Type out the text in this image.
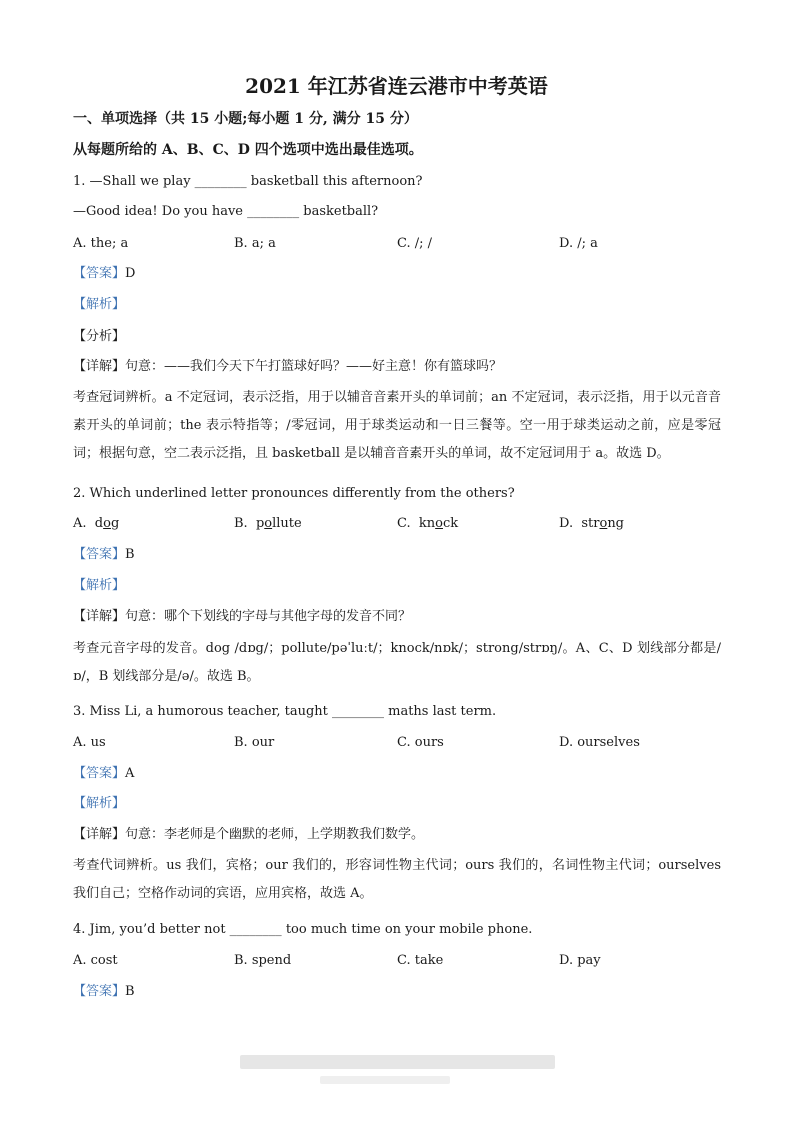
2021 年江苏省连云港市中考英语
一、单项选择（共 15 小题;每小题 1 分, 满分 15 分）
从每题所给的 A、B、C、D 四个选项中选出最佳选项。
1. —Shall we play ________ basketball this afternoon?
—Good idea! Do you have ________ basketball?
A. the; a	B. a; a	C. /; /	D. /; a
【答案】D
【解析】
【分析】
【详解】句意：——我们今天下午打篮球好吗？——好主意！你有篮球吗？
考查冠词辨析。a 不定冠词，表示泛指，用于以辅音音素开头的单词前；an 不定冠词，表示泛指，用于以元音音素开头的单词前；the 表示特指等；/零冠词，用于球类运动和一日三餐等。空一用于球类运动之前，应是零冠词；根据句意，空二表示泛指，且 basketball 是以辅音音素开头的单词，故不定冠词用于 a。故选 D。
2. Which underlined letter pronounces differently from the others?
A. dog	B. pollute	C. knock	D. strong
【答案】B
【解析】
【详解】句意：哪个下划线的字母与其他字母的发音不同？
考查元音字母的发音。dog /dɒg/；pollute/pəˈluːt/；knock/nɒk/；strong/strɒŋ/。A、C、D 划线部分都是/ɒ/，B 划线部分是/ə/。故选 B。
3. Miss Li, a humorous teacher, taught ________ maths last term.
A. us	B. our	C. ours	D. ourselves
【答案】A
【解析】
【详解】句意：李老师是个幽默的老师，上学期教我们数学。
考查代词辨析。us 我们，宾格；our 我们的，形容词性物主代词；ours 我们的，名词性物主代词；ourselves 我们自己；空格作动词的宾语，应用宾格，故选 A。
4. Jim, you’d better not ________ too much time on your mobile phone.
A. cost	B. spend	C. take	D. pay
【答案】B
